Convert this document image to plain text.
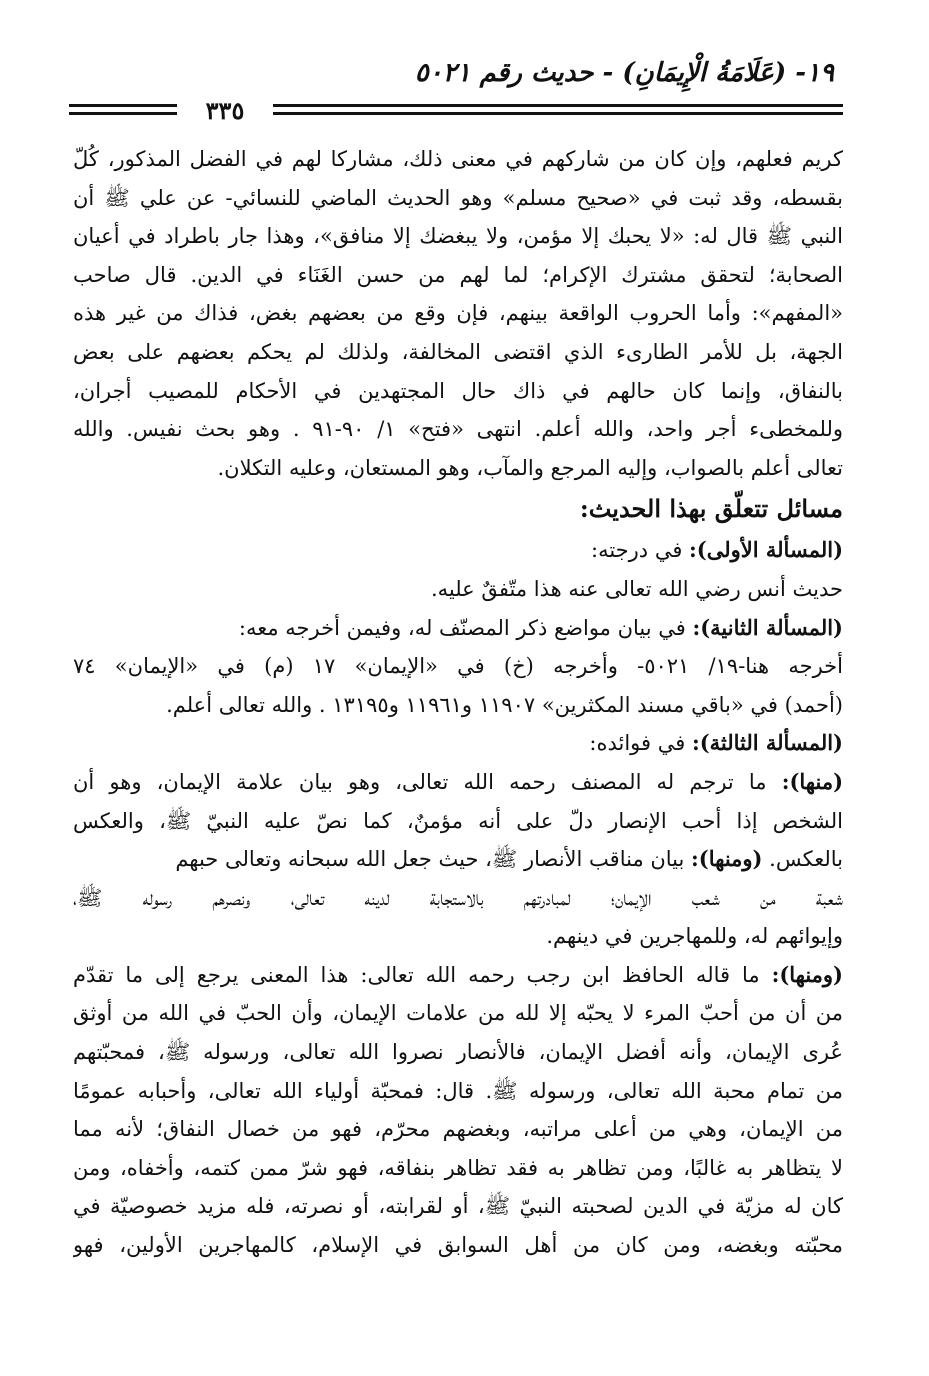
١٩- (عَلَامَةُ الْإِيمَانِ) - حديث رقم ٥٠٢١
٣٣٥
كريم فعلهم، وإن كان من شاركهم في معنى ذلك، مشاركا لهم في الفضل المذكور، كُلّ
بقسطه، وقد ثبت في «صحيح مسلم» وهو الحديث الماضي للنسائي- عن علي ﷺ أن
النبي ﷺ قال له: «لا يحبك إلا مؤمن، ولا يبغضك إلا منافق»، وهذا جار باطراد في أعيان
الصحابة؛ لتحقق مشترك الإكرام؛ لما لهم من حسن الغَنَاء في الدين. قال صاحب
«المفهم»: وأما الحروب الواقعة بينهم، فإن وقع من بعضهم بغض، فذاك من غير هذه
الجهة، بل للأمر الطارىء الذي اقتضى المخالفة، ولذلك لم يحكم بعضهم على بعض
بالنفاق، وإنما كان حالهم في ذاك حال المجتهدين في الأحكام للمصيب أجران،
وللمخطىء أجر واحد، والله أعلم. انتهى «فتح» ١/ ٩٠-٩١ . وهو بحث نفيس. والله
تعالى أعلم بالصواب، وإليه المرجع والمآب، وهو المستعان، وعليه التكلان.
مسائل تتعلّق بهذا الحديث:
(المسألة الأولى): في درجته:
حديث أنس رضي الله تعالى عنه هذا متّفقٌ عليه.
(المسألة الثانية): في بيان مواضع ذكر المصنّف له، وفيمن أخرجه معه:
أخرجه هنا-١٩/ ٥٠٢١- وأخرجه (خ) في «الإيمان» ١٧ (م) في «الإيمان» ٧٤
(أحمد) في «باقي مسند المكثرين» ١١٩٠٧ و١١٩٦١ و١٣١٩٥ . والله تعالى أعلم.
(المسألة الثالثة): في فوائده:
(منها): ما ترجم له المصنف رحمه الله تعالى، وهو بيان علامة الإيمان، وهو أن
الشخص إذا أحب الإنصار دلّ على أنه مؤمنٌ، كما نصّ عليه النبيّ ﷺ، والعكس
بالعكس. (ومنها): بيان مناقب الأنصار ﷺ، حيث جعل الله سبحانه وتعالى حبهم
شعبة من شعب الإيمان؛ لمبادرتهم بالاستجابة لدينه تعالى، ونصرهم رسوله ﷺ،
وإيوائهم له، وللمهاجرين في دينهم.
(ومنها): ما قاله الحافظ ابن رجب رحمه الله تعالى: هذا المعنى يرجع إلى ما تقدّم
من أن من أحبّ المرء لا يحبّه إلا لله من علامات الإيمان، وأن الحبّ في الله من أوثق
عُرى الإيمان، وأنه أفضل الإيمان، فالأنصار نصروا الله تعالى، ورسوله ﷺ، فمحبّتهم
من تمام محبة الله تعالى، ورسوله ﷺ. قال: فمحبّة أولياء الله تعالى، وأحبابه عمومًا
من الإيمان، وهي من أعلى مراتبه، وبغضهم محرّم، فهو من خصال النفاق؛ لأنه مما
لا يتظاهر به غالبًا، ومن تظاهر به فقد تظاهر بنفاقه، فهو شرّ ممن كتمه، وأخفاه، ومن
كان له مزيّة في الدين لصحبته النبيّ ﷺ، أو لقرابته، أو نصرته، فله مزيد خصوصيّة في
محبّته وبغضه، ومن كان من أهل السوابق في الإسلام، كالمهاجرين الأولين، فهو
